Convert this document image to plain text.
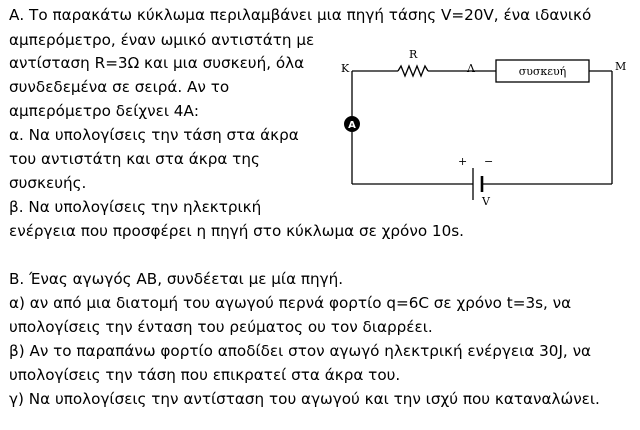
Α. Το παρακάτω κύκλωμα περιλαμβάνει μια πηγή τάσης V=20V, ένα ιδανικό
αμπερόμετρο, έναν ωμικό αντιστάτη με
αντίσταση R=3Ω και μια συσκευή, όλα
συνδεδεμένα σε σειρά. Αν το
αμπερόμετρο δείχνει 4Α:
α. Να υπολογίσεις την τάση στα άκρα
του αντιστάτη και στα άκρα της
συσκευής.
β. Να υπολογίσεις την ηλεκτρική
ενέργεια που προσφέρει η πηγή στο κύκλωμα σε χρόνο 10s.
Β. Ένας αγωγός ΑΒ, συνδέεται με μία πηγή.
α) αν από μια διατομή του αγωγού περνά φορτίο q=6C σε χρόνο t=3s, να
υπολογίσεις την ένταση του ρεύματος ου τον διαρρέει.
β) Αν το παραπάνω φορτίο αποδίδει στον αγωγό ηλεκτρική ενέργεια 30J, να
υπολογίσεις την τάση που επικρατεί στα άκρα του.
γ) Να υπολογίσεις την αντίσταση του αγωγού και την ισχύ που καταναλώνει.
A
K
R
Λ	M
συσκευή
+ −
V
